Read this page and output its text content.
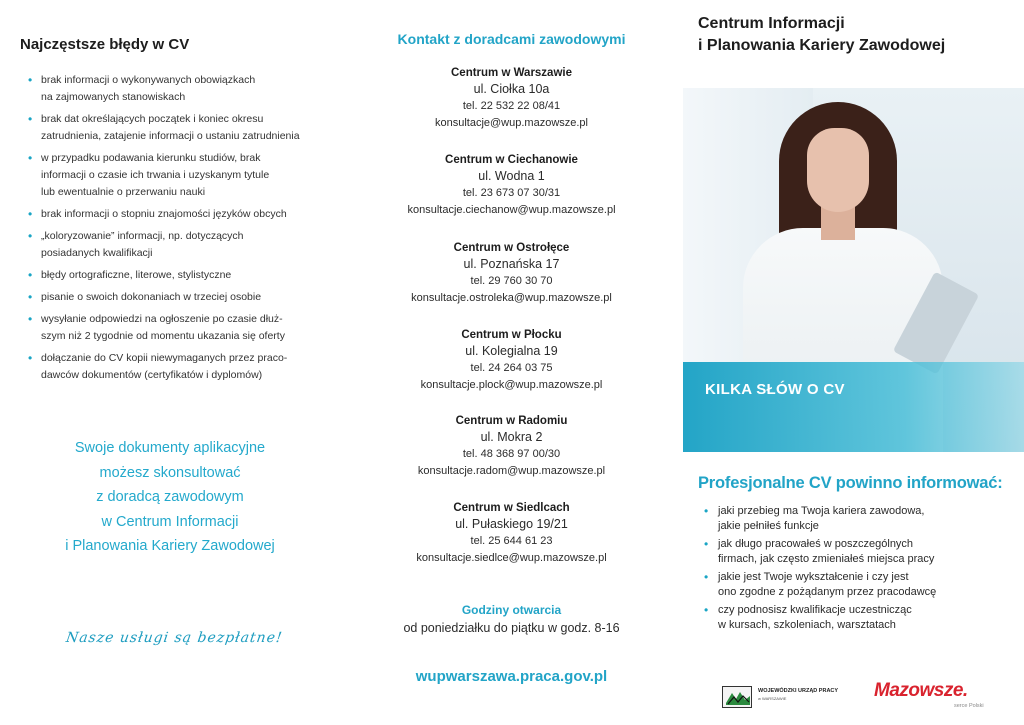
Najczęstsze błędy w CV
• brak informacji o wykonywanych obowiązkach
na zajmowanych stanowiskach
• brak dat określających początek i koniec okresu
zatrudnienia, zatajenie informacji o ustaniu zatrudnienia
• w przypadku podawania kierunku studiów, brak
informacji o czasie ich trwania i uzyskanym tytule
lub ewentualnie o przerwaniu nauki
• brak informacji o stopniu znajomości języków obcych
• „koloryzowanie” informacji, np. dotyczących
posiadanych kwalifikacji
• błędy ortograficzne, literowe, stylistyczne
• pisanie o swoich dokonaniach w trzeciej osobie
• wysyłanie odpowiedzi na ogłoszenie po czasie dłuż-
szym niż 2 tygodnie od momentu ukazania się oferty
• dołączanie do CV kopii niewymaganych przez praco-
dawców dokumentów (certyfikatów i dyplomów)
Swoje dokumenty aplikacyjne
możesz skonsultować
z doradcą zawodowym
w Centrum Informacji
i Planowania Kariery Zawodowej
Nasze usługi są bezpłatne!
Kontakt z doradcami zawodowymi
Centrum w Warszawie
ul. Ciołka 10a
tel. 22 532 22 08/41
konsultacje@wup.mazowsze.pl
Centrum w Ciechanowie
ul. Wodna 1
tel. 23 673 07 30/31
konsultacje.ciechanow@wup.mazowsze.pl
Centrum w Ostrołęce
ul. Poznańska 17
tel. 29 760 30 70
konsultacje.ostroleka@wup.mazowsze.pl
Centrum w Płocku
ul. Kolegialna 19
tel. 24 264 03 75
konsultacje.plock@wup.mazowsze.pl
Centrum w Radomiu
ul. Mokra 2
tel. 48 368 97 00/30
konsultacje.radom@wup.mazowsze.pl
Centrum w Siedlcach
ul. Pułaskiego 19/21
tel. 25 644 61 23
konsultacje.siedlce@wup.mazowsze.pl
Godziny otwarcia
od poniedziałku do piątku w godz. 8-16
wupwarszawa.praca.gov.pl
Centrum Informacji
i Planowania Kariery Zawodowej
KILKA SŁÓW O CV
Profesjonalne CV powinno informować:
• jaki przebieg ma Twoja kariera zawodowa,
jakie pełniłeś funkcje
• jak długo pracowałeś w poszczególnych
firmach, jak często zmieniałeś miejsca pracy
• jakie jest Twoje wykształcenie i czy jest
ono zgodne z pożądanym przez pracodawcę
• czy podnosisz kwalifikacje uczestnicząc
w kursach, szkoleniach, warsztatach
WOJEWÓDZKI URZĄD PRACY
w WARSZAWIE	Mazowsze.
serce Polski
